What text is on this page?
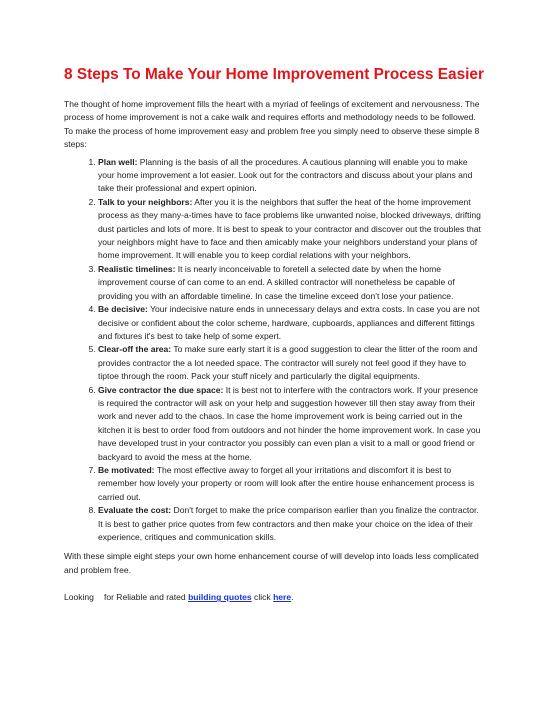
8 Steps To Make Your Home Improvement Process Easier

The thought of home improvement fills the heart with a myriad of feelings of excitement and nervousness. The process of home improvement is not a cake walk and requires efforts and methodology needs to be followed. To make the process of home improvement easy and problem free you simply need to observe these simple 8 steps:

1. Plan well: Planning is the basis of all the procedures. A cautious planning will enable you to make your home improvement a lot easier. Look out for the contractors and discuss about your plans and take their professional and expert opinion.
2. Talk to your neighbors: After you it is the neighbors that suffer the heat of the home improvement process as they many-a-times have to face problems like unwanted noise, blocked driveways, drifting dust particles and lots of more. It is best to speak to your contractor and discover out the troubles that your neighbors might have to face and then amicably make your neighbors understand your plans of home improvement. It will enable you to keep cordial relations with your neighbors.
3. Realistic timelines: It is nearly inconceivable to foretell a selected date by when the home improvement course of can come to an end. A skilled contractor will nonetheless be capable of providing you with an affordable timeline. In case the timeline exceed don't lose your patience.
4. Be decisive: Your indecisive nature ends in unnecessary delays and extra costs. In case you are not decisive or confident about the color scheme, hardware, cupboards, appliances and different fittings and fixtures it's best to take help of some expert.
5. Clear-off the area: To make sure early start it is a good suggestion to clear the litter of the room and provides contractor the a lot needed space. The contractor will surely not feel good if they have to tiptoe through the room. Pack your stuff nicely and particularly the digital equipments.
6. Give contractor the due space: It is best not to interfere with the contractors work. If your presence is required the contractor will ask on your help and suggestion however till then stay away from their work and never add to the chaos. In case the home improvement work is being carried out in the kitchen it is best to order food from outdoors and not hinder the home improvement work. In case you have developed trust in your contractor you possibly can even plan a visit to a mall or good friend or backyard to avoid the mess at the home.
7. Be motivated: The most effective away to forget all your irritations and discomfort it is best to remember how lovely your property or room will look after the entire house enhancement process is carried out.
8. Evaluate the cost: Don't forget to make the price comparison earlier than you finalize the contractor. It is best to gather price quotes from few contractors and then make your choice on the idea of their experience, critiques and communication skills.

With these simple eight steps your own home enhancement course of will develop into loads less complicated and problem free.

Looking for Reliable and rated building quotes click here.
